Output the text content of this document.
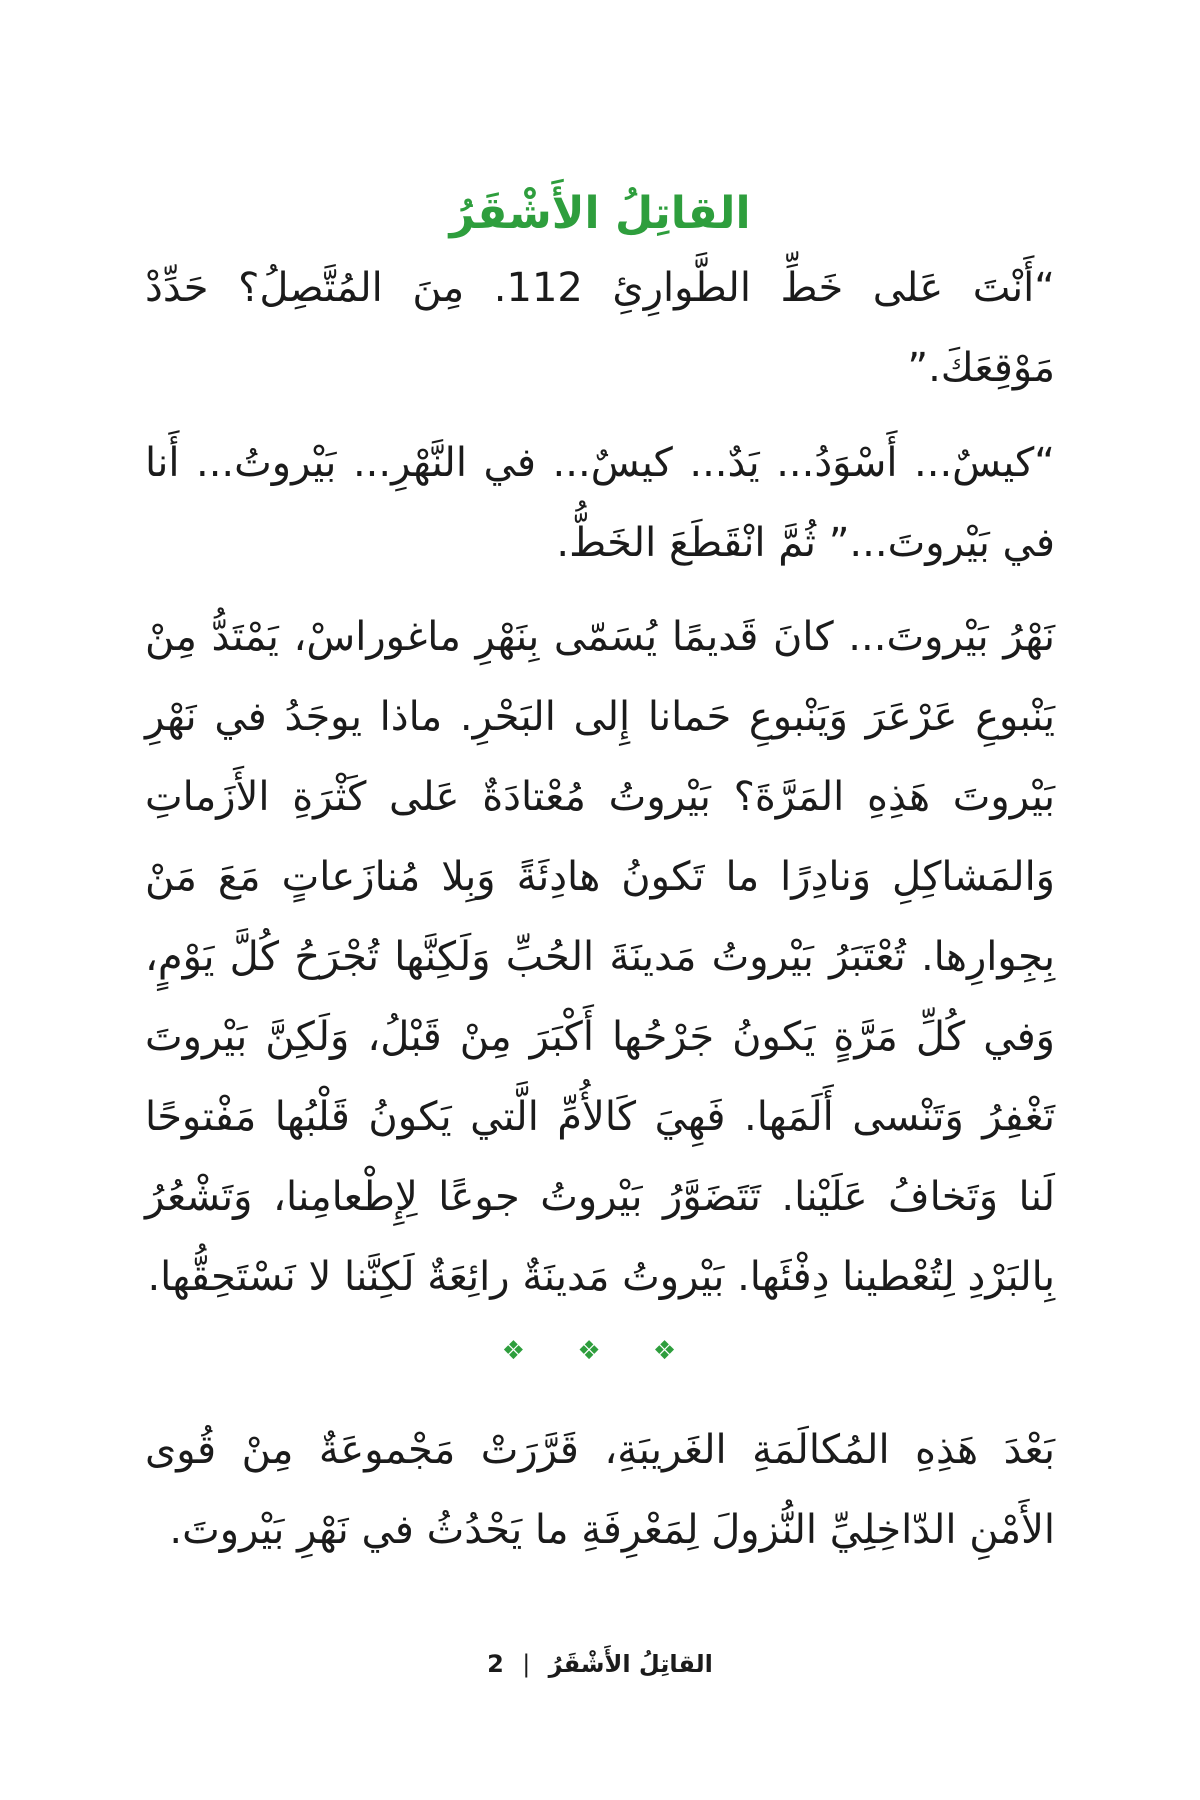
القاتِلُ الأَشْقَرُ

“أَنْتَ عَلى خَطِّ الطَّوارِئِ 112. مِنَ المُتَّصِلُ؟ حَدِّدْ مَوْقِعَكَ.”

“كيسٌ... أَسْوَدُ... يَدٌ... كيسٌ... في النَّهْرِ... بَيْروتُ... أَنا في بَيْروتَ...” ثُمَّ انْقَطَعَ الخَطُّ.

نَهْرُ بَيْروتَ... كانَ قَديمًا يُسَمّى بِنَهْرِ ماغوراسْ، يَمْتَدُّ مِنْ يَنْبوعِ عَرْعَرَ وَيَنْبوعِ حَمانا إِلى البَحْرِ. ماذا يوجَدُ في نَهْرِ بَيْروتَ هَذِهِ المَرَّةَ؟ بَيْروتُ مُعْتادَةٌ عَلى كَثْرَةِ الأَزَماتِ وَالمَشاكِلِ وَنادِرًا ما تَكونُ هادِئَةً وَبِلا مُنازَعاتٍ مَعَ مَنْ بِجِوارِها. تُعْتَبَرُ بَيْروتُ مَدينَةَ الحُبِّ وَلَكِنَّها تُجْرَحُ كُلَّ يَوْمٍ، وَفي كُلِّ مَرَّةٍ يَكونُ جَرْحُها أَكْبَرَ مِنْ قَبْلُ، وَلَكِنَّ بَيْروتَ تَغْفِرُ وَتَنْسى أَلَمَها. فَهِيَ كَالأُمِّ الَّتي يَكونُ قَلْبُها مَفْتوحًا لَنا وَتَخافُ عَلَيْنا. تَتَضَوَّرُ بَيْروتُ جوعًا لِإِطْعامِنا، وَتَشْعُرُ بِالبَرْدِ لِتُعْطينا دِفْئَها. بَيْروتُ مَدينَةٌ رائِعَةٌ لَكِنَّنا لا نَسْتَحِقُّها.

❖ ❖ ❖

بَعْدَ هَذِهِ المُكالَمَةِ الغَريبَةِ، قَرَّرَتْ مَجْموعَةٌ مِنْ قُوى الأَمْنِ الدّاخِلِيِّ النُّزولَ لِمَعْرِفَةِ ما يَحْدُثُ في نَهْرِ بَيْروتَ.

القاتِلُ الأَشْقَرُ | 2
